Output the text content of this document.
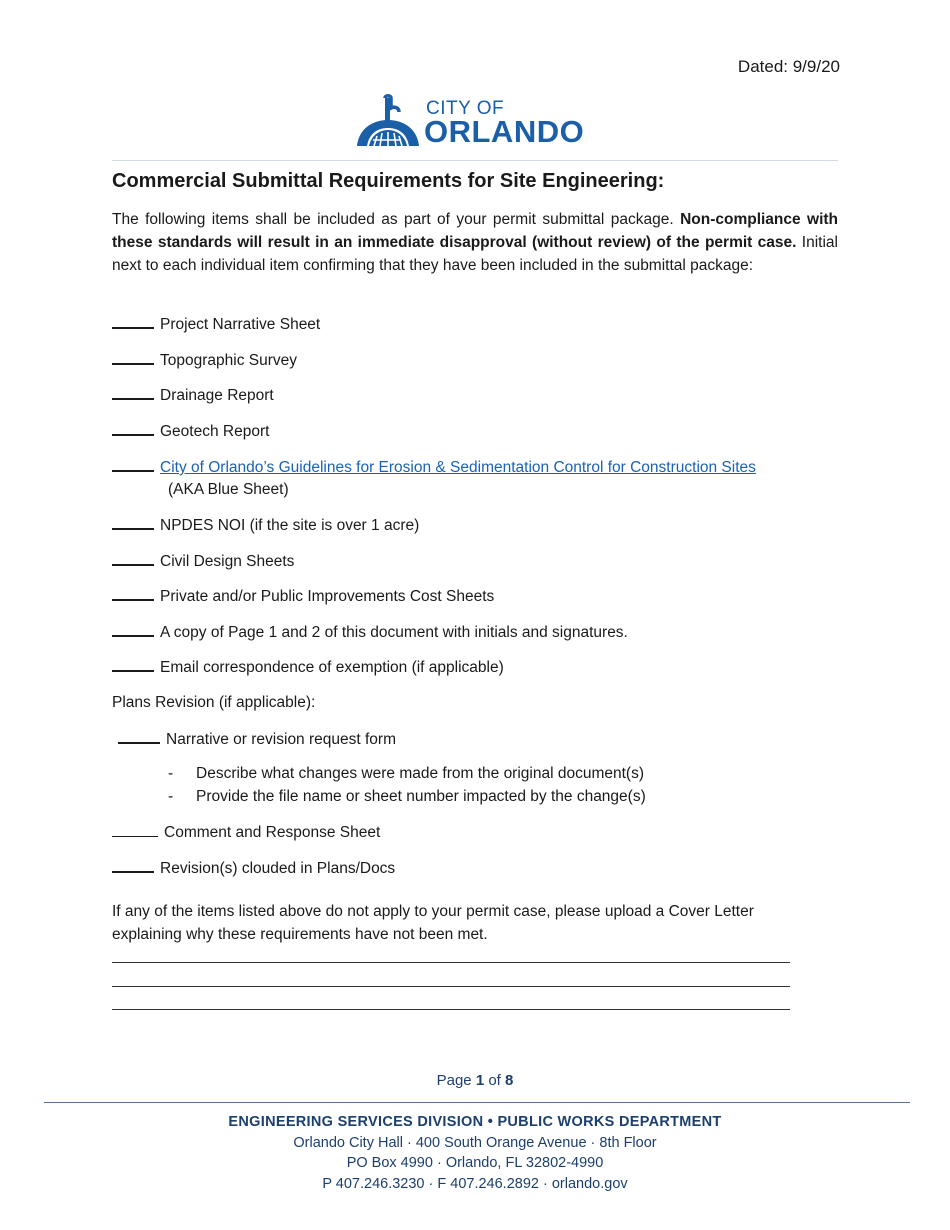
Dated: 9/9/20
CITY OF
ORLANDO
Commercial Submittal Requirements for Site Engineering:
The following items shall be included as part of your permit submittal package. Non-compliance with these standards will result in an immediate disapproval (without review) of the permit case. Initial next to each individual item confirming that they have been included in the submittal package:
Project Narrative Sheet
Topographic Survey
Drainage Report
Geotech Report
City of Orlando’s Guidelines for Erosion & Sedimentation Control for Construction Sites
(AKA Blue Sheet)
NPDES NOI (if the site is over 1 acre)
Civil Design Sheets
Private and/or Public Improvements Cost Sheets
A copy of Page 1 and 2 of this document with initials and signatures.
Email correspondence of exemption (if applicable)
Plans Revision (if applicable):
Narrative or revision request form
- Describe what changes were made from the original document(s)
- Provide the file name or sheet number impacted by the change(s)
Comment and Response Sheet
Revision(s) clouded in Plans/Docs
If any of the items listed above do not apply to your permit case, please upload a Cover Letter explaining why these requirements have not been met.
Page 1 of 8
ENGINEERING SERVICES DIVISION • PUBLIC WORKS DEPARTMENT
Orlando City Hall · 400 South Orange Avenue · 8th Floor
PO Box 4990 · Orlando, FL 32802-4990
P 407.246.3230 · F 407.246.2892 · orlando.gov
